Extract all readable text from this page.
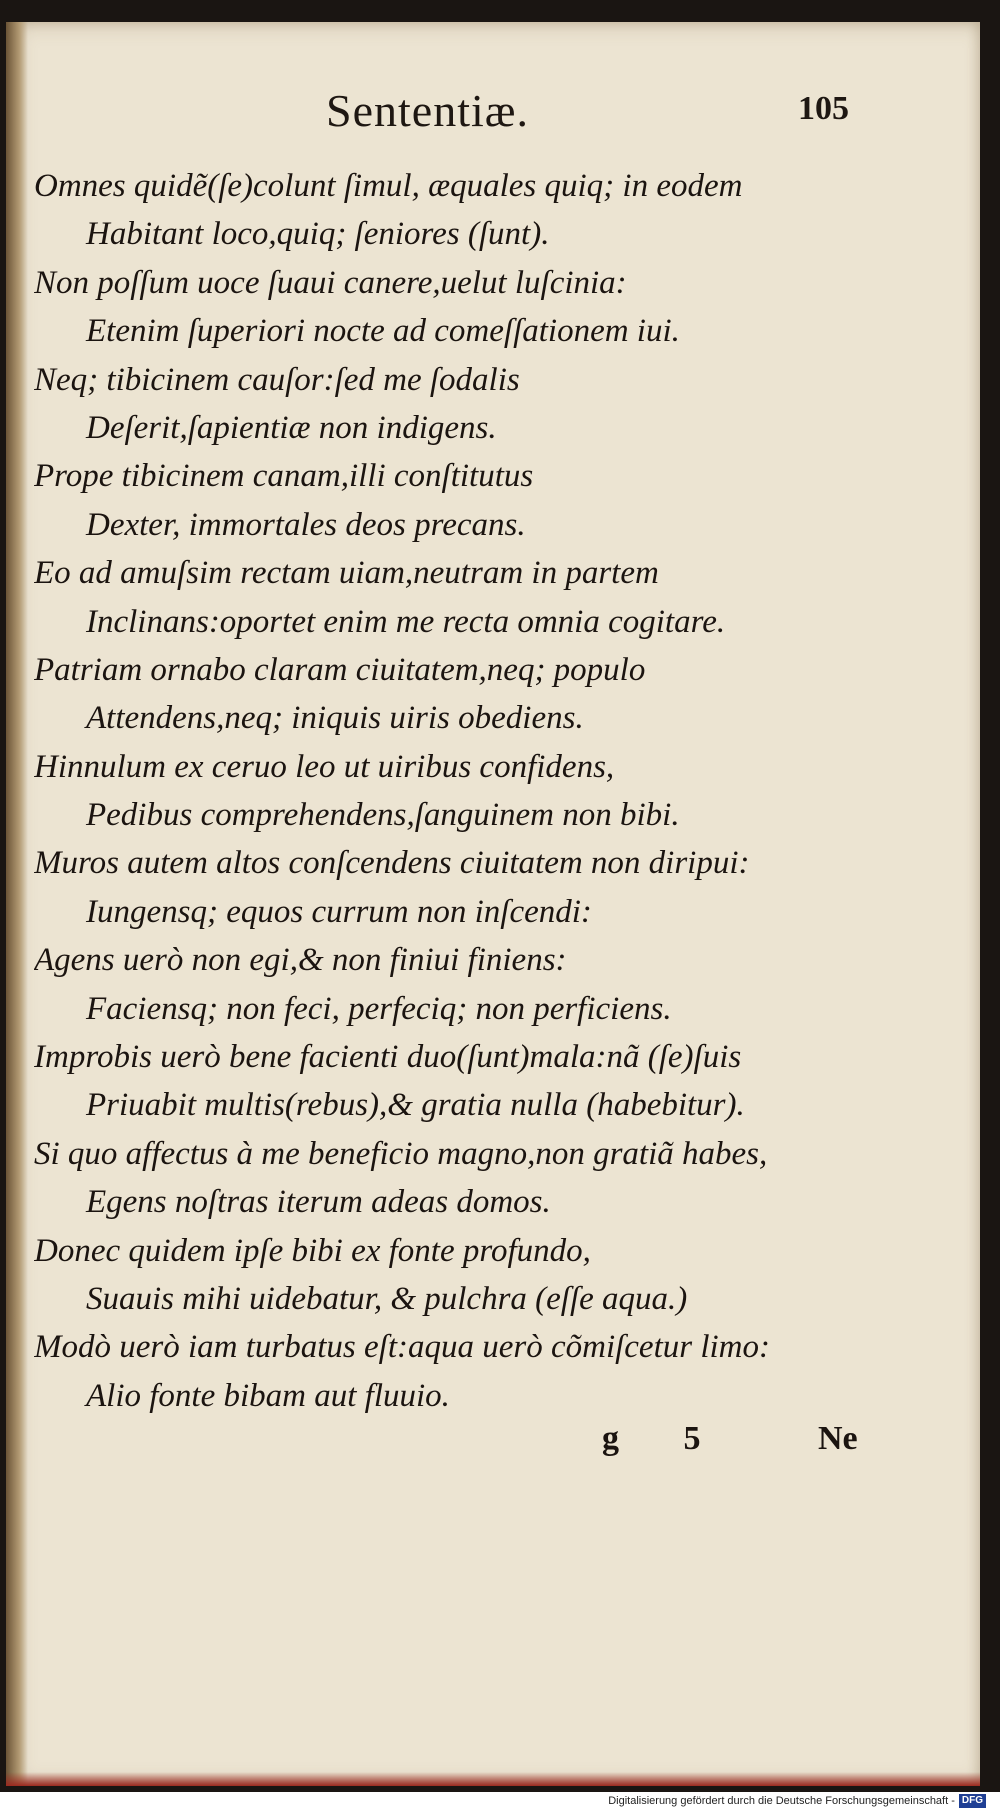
Sententiæ.	105
Omnes quidẽ(ſe)colunt ſimul, æquales quiq; in eodem
Habitant loco,quiq; ſeniores (ſunt).
Non poſſum uoce ſuaui canere,uelut luſcinia:
Etenim ſuperiori nocte ad comeſſationem iui.
Neq; tibicinem cauſor:ſed me ſodalis
Deſerit,ſapientiæ non indigens.
Prope tibicinem canam,illi conſtitutus
Dexter, immortales deos precans.
Eo ad amuſsim rectam uiam,neutram in partem
Inclinans:oportet enim me recta omnia cogitare.
Patriam ornabo claram ciuitatem,neq; populo
Attendens,neq; iniquis uiris obediens.
Hinnulum ex ceruo leo ut uiribus confidens,
Pedibus comprehendens,ſanguinem non bibi.
Muros autem altos conſcendens ciuitatem non diripui:
Iungensq; equos currum non inſcendi:
Agens uerò non egi,& non finiui finiens:
Faciensq; non feci, perfeciq; non perficiens.
Improbis uerò bene facienti duo(ſunt)mala:nã (ſe)ſuis
Priuabit multis(rebus),& gratia nulla (habebitur).
Si quo affectus à me beneficio magno,non gratiã habes,
Egens noſtras iterum adeas domos.
Donec quidem ipſe bibi ex fonte profundo,
Suauis mihi uidebatur, & pulchra (eſſe aqua.)
Modò uerò iam turbatus eſt:aqua uerò cõmiſcetur limo:
Alio fonte bibam aut fluuio.
g 5	Ne
Digitalisierung gefördert durch die Deutsche Forschungsgemeinschaft - DFG
